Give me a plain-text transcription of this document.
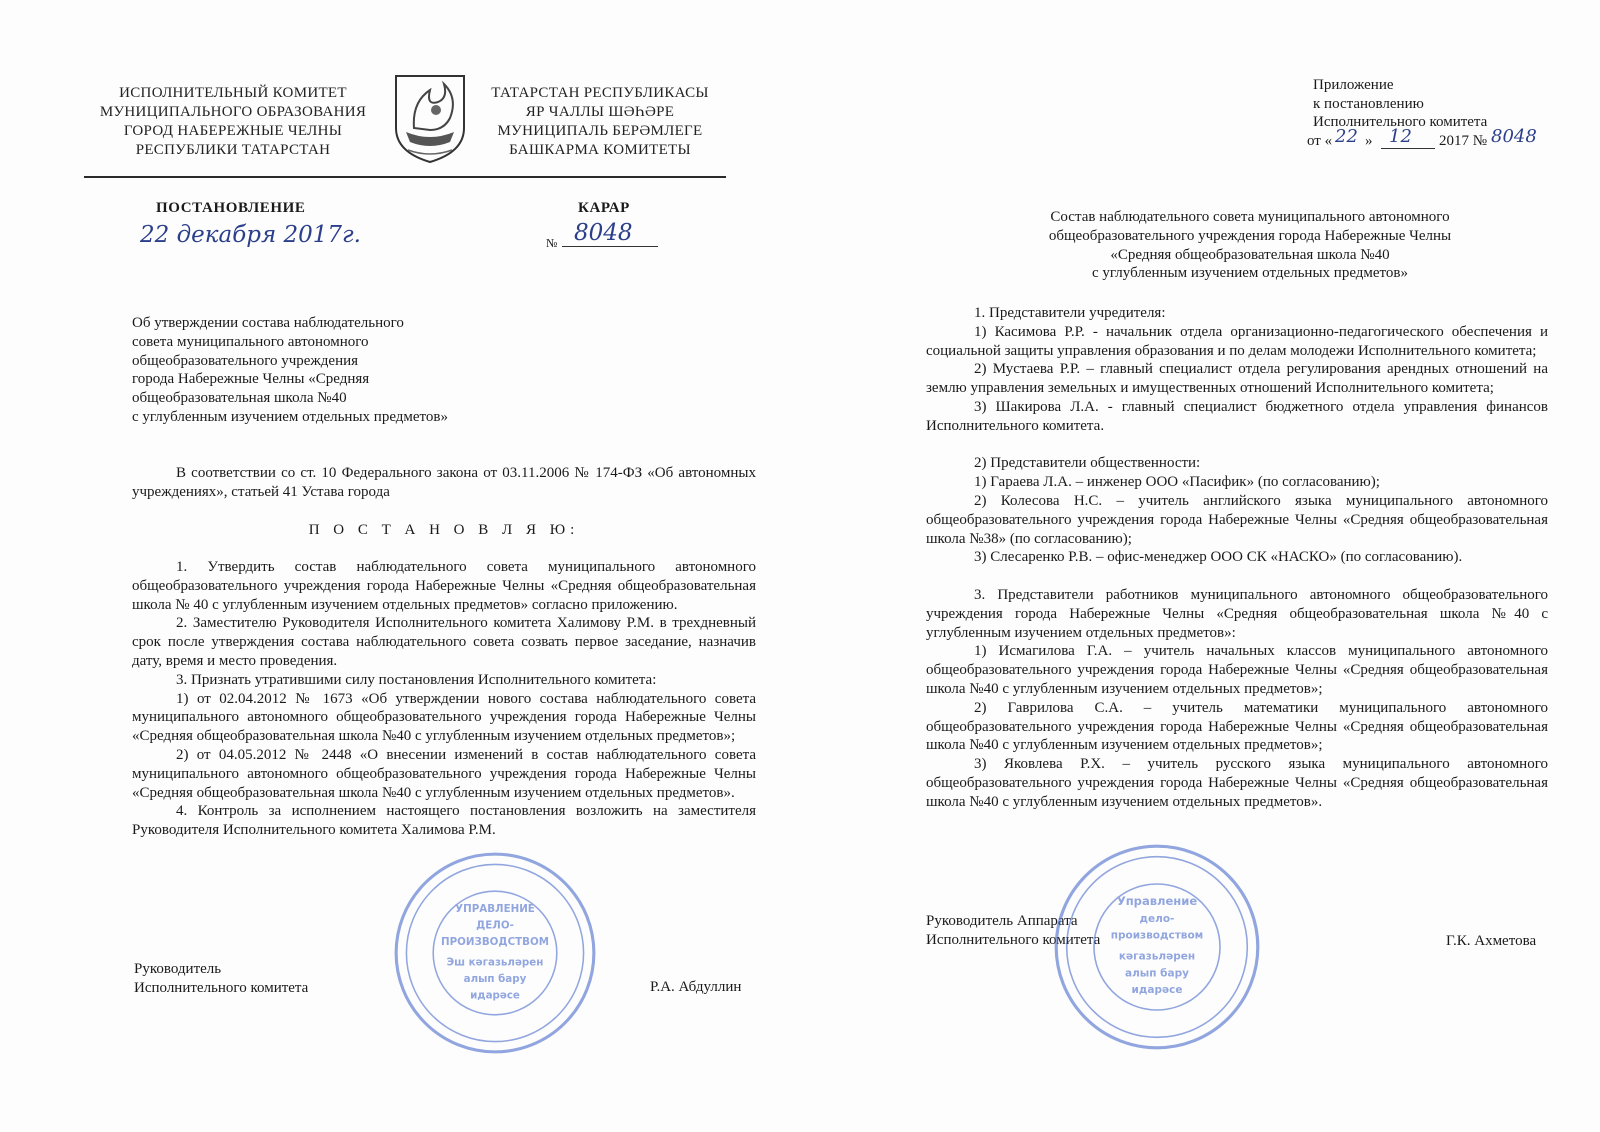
ИСПОЛНИТЕЛЬНЫЙ КОМИТЕТ
МУНИЦИПАЛЬНОГО ОБРАЗОВАНИЯ
ГОРОД НАБЕРЕЖНЫЕ ЧЕЛНЫ
РЕСПУБЛИКИ ТАТАРСТАН
ТАТАРСТАН РЕСПУБЛИКАСЫ
ЯР ЧАЛЛЫ ШӘҺӘРЕ
МУНИЦИПАЛЬ БЕРӘМЛЕГЕ
БАШКАРМА КОМИТЕТЫ
ПОСТАНОВЛЕНИЕ	КАРАР
22 декабря 2017г.	№ 8048
Об утверждении состава наблюдательного
совета муниципального автономного
общеобразовательного учреждения
города Набережные Челны «Средняя
общеобразовательная школа №40
с углубленным изучением отдельных предметов»

В соответствии со ст. 10 Федерального закона от 03.11.2006 № 174-ФЗ «Об автономных учреждениях», статьей 41 Устава города

П О С Т А Н О В Л Я Ю:

1. Утвердить состав наблюдательного совета муниципального автономного общеобразовательного учреждения города Набережные Челны «Средняя общеобразовательная школа № 40 с углубленным изучением отдельных предметов» согласно приложению.

2. Заместителю Руководителя Исполнительного комитета Халимову Р.М. в трехдневный срок после утверждения состава наблюдательного совета созвать первое заседание, назначив дату, время и место проведения.

3. Признать утратившими силу постановления Исполнительного комитета:

1) от 02.04.2012 № 1673 «Об утверждении нового состава наблюдательного совета муниципального автономного общеобразовательного учреждения города Набережные Челны «Средняя общеобразовательная школа №40 с углубленным изучением отдельных предметов»;

2) от 04.05.2012 № 2448 «О внесении изменений в состав наблюдательного совета муниципального автономного общеобразовательного учреждения города Набережные Челны «Средняя общеобразовательная школа №40 с углубленным изучением отдельных предметов».

4. Контроль за исполнением настоящего постановления возложить на заместителя Руководителя Исполнительного комитета Халимова Р.М.

Руководитель
Исполнительного комитета	Р.А. Абдуллин
УПРАВЛЕНИЕ
ДЕЛО-
ПРОИЗВОДСТВОМ
Эш кәгазьләрен
алып бару
идарәсе
Приложение
к постановлению
Исполнительного комитета
от « 22 » 12 2017 № 8048
Состав наблюдательного совета муниципального автономного
общеобразовательного учреждения города Набережные Челны
«Средняя общеобразовательная школа №40
с углубленным изучением отдельных предметов»

1. Представители учредителя:

1) Касимова Р.Р. - начальник отдела организационно-педагогического обеспечения и социальной защиты управления образования и по делам молодежи Исполнительного комитета;

2) Мустаева Р.Р. – главный специалист отдела регулирования арендных отношений на землю управления земельных и имущественных отношений Исполнительного комитета;

3) Шакирова Л.А. - главный специалист бюджетного отдела управления финансов Исполнительного комитета.

2) Представители общественности:

1) Гараева Л.А. – инженер ООО «Пасифик» (по согласованию);

2) Колесова Н.С. – учитель английского языка муниципального автономного общеобразовательного учреждения города Набережные Челны «Средняя общеобразовательная школа №38» (по согласованию);

3) Слесаренко Р.В. – офис-менеджер ООО СК «НАСКО» (по согласованию).

3. Представители работников муниципального автономного общеобразовательного учреждения города Набережные Челны «Средняя общеобразовательная школа №40 с углубленным изучением отдельных предметов»:

1) Исмагилова Г.А. – учитель начальных классов муниципального автономного общеобразовательного учреждения города Набережные Челны «Средняя общеобразовательная школа №40 с углубленным изучением отдельных предметов»;

2) Гаврилова С.А. – учитель математики муниципального автономного общеобразовательного учреждения города Набережные Челны «Средняя общеобразовательная школа №40 с углубленным изучением отдельных предметов»;

3) Яковлева Р.Х. – учитель русского языка муниципального автономного общеобразовательного учреждения города Набережные Челны «Средняя общеобразовательная школа №40 с углубленным изучением отдельных предметов».

Руководитель Аппарата
Исполнительного комитета	Г.К. Ахметова
Управление
дело-
производством
кәгазьләрен
алып бару
идарәсе
